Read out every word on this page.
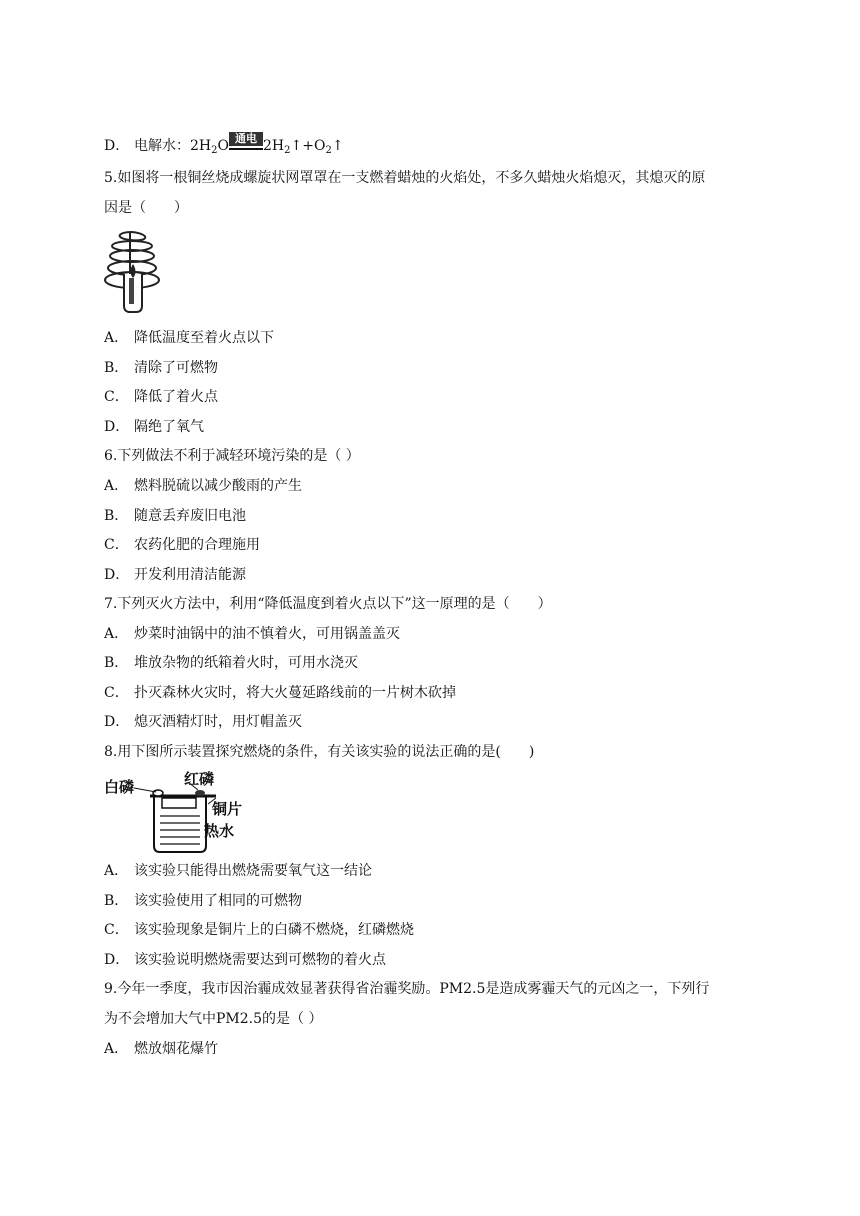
D． 电解水：$2H_2O$ 通电 $2H_2↑+O_2↑$
5.如图将一根铜丝烧成螺旋状网罩罩在一支燃着蜡烛的火焰处，不多久蜡烛火焰熄灭，其熄灭的原
因是（　　）
A． 降低温度至着火点以下
B． 清除了可燃物
C． 降低了着火点
D． 隔绝了氧气
6.下列做法不利于减轻环境污染的是（ ）
A． 燃料脱硫以减少酸雨的产生
B． 随意丢弃废旧电池
C． 农药化肥的合理施用
D． 开发利用清洁能源
7.下列灭火方法中，利用“降低温度到着火点以下”这一原理的是（　　）
A． 炒菜时油锅中的油不慎着火，可用锅盖盖灭
B． 堆放杂物的纸箱着火时，可用水浇灭
C． 扑灭森林火灾时，将大火蔓延路线前的一片树木砍掉
D． 熄灭酒精灯时，用灯帽盖灭
8.用下图所示装置探究燃烧的条件，有关该实验的说法正确的是(　　)
白磷	红磷
铜片
热水
A． 该实验只能得出燃烧需要氧气这一结论
B． 该实验使用了相同的可燃物
C． 该实验现象是铜片上的白磷不燃烧，红磷燃烧
D． 该实验说明燃烧需要达到可燃物的着火点
9.今年一季度，我市因治霾成效显著获得省治霾奖励。PM2.5是造成雾霾天气的元凶之一，下列行
为不会增加大气中PM2.5的是（ ）
A． 燃放烟花爆竹
